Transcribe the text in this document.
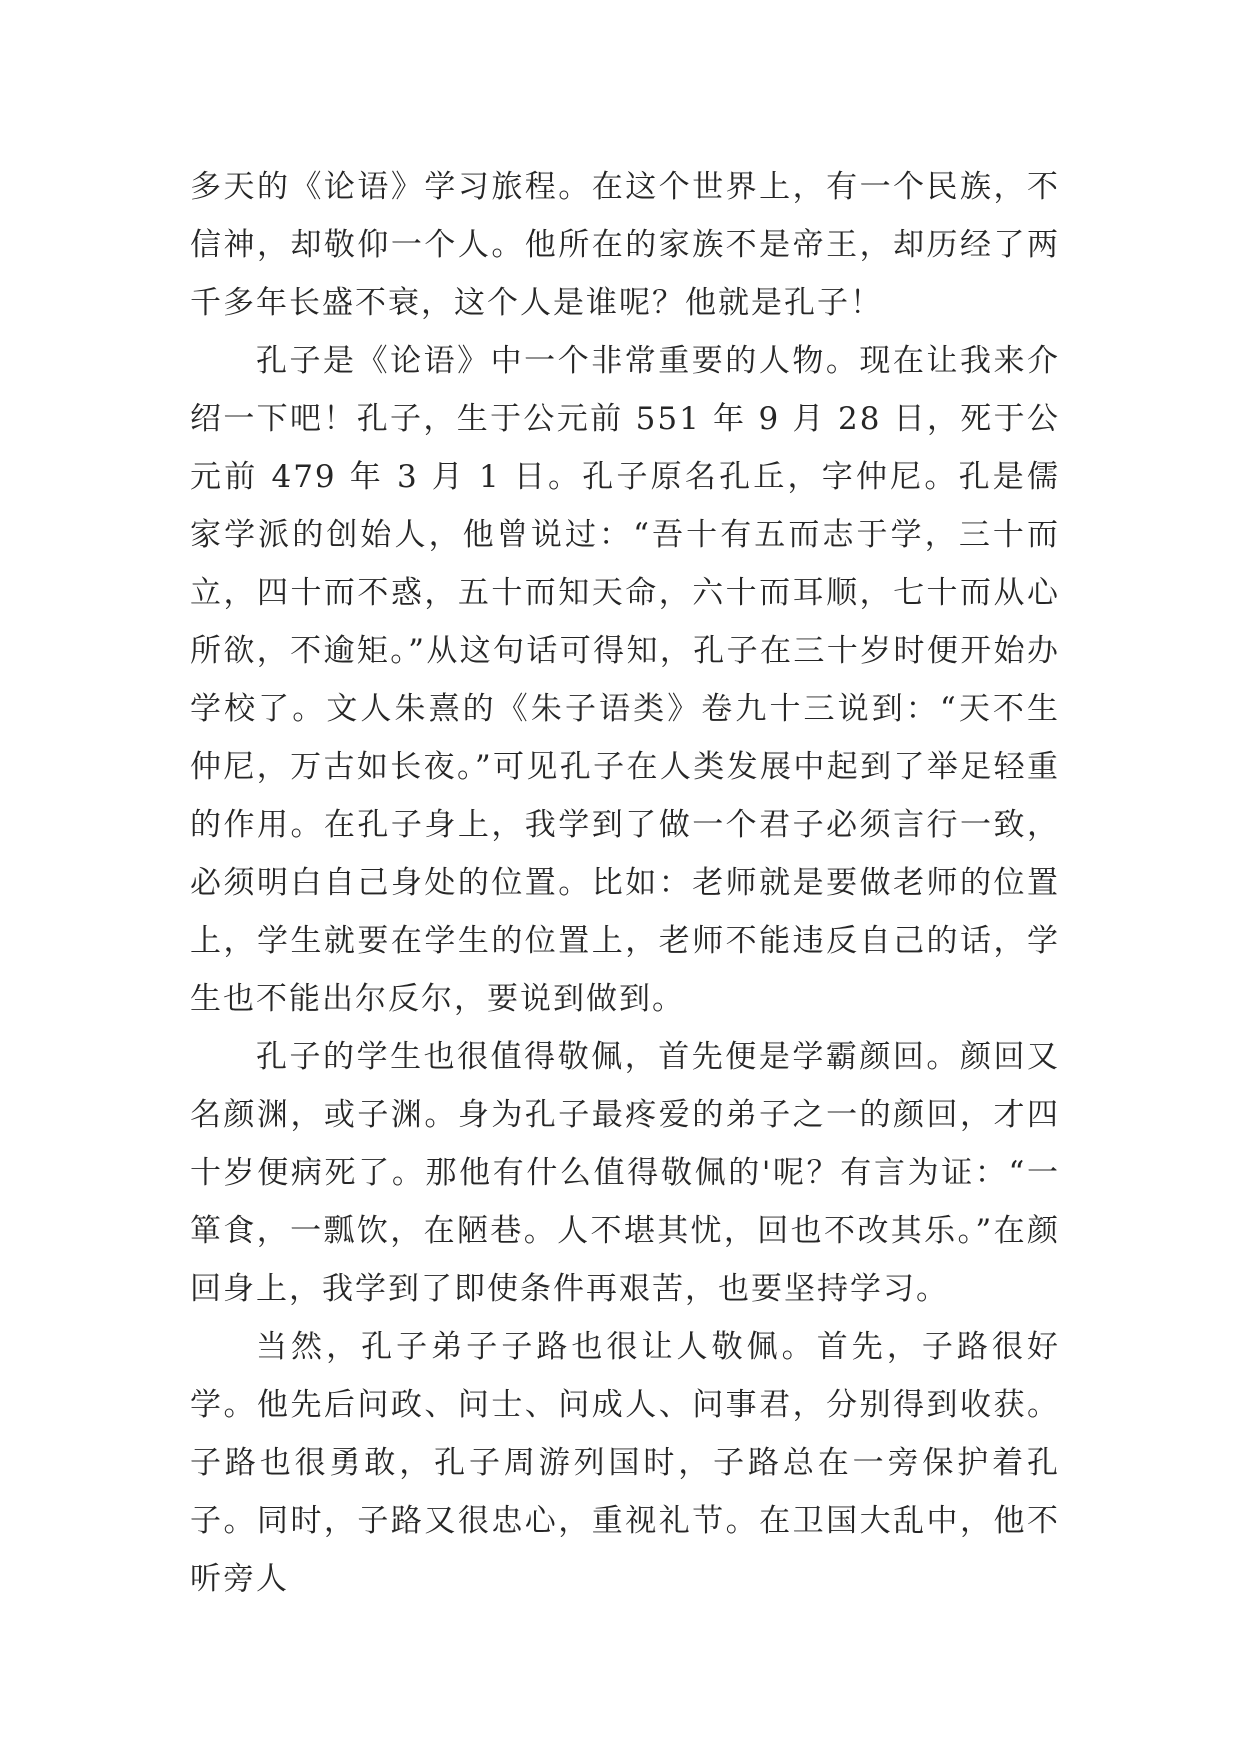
多天的《论语》学习旅程。在这个世界上，有一个民族，不信神，却敬仰一个人。他所在的家族不是帝王，却历经了两千多年长盛不衰，这个人是谁呢？他就是孔子！

孔子是《论语》中一个非常重要的人物。现在让我来介绍一下吧！孔子，生于公元前 551 年 9 月 28 日，死于公元前 479 年 3 月 1 日。孔子原名孔丘，字仲尼。孔是儒家学派的创始人，他曾说过：“吾十有五而志于学，三十而立，四十而不惑，五十而知天命，六十而耳顺，七十而从心所欲，不逾矩。”从这句话可得知，孔子在三十岁时便开始办学校了。文人朱熹的《朱子语类》卷九十三说到：“天不生仲尼，万古如长夜。”可见孔子在人类发展中起到了举足轻重的作用。在孔子身上，我学到了做一个君子必须言行一致，必须明白自己身处的位置。比如：老师就是要做老师的位置上，学生就要在学生的位置上，老师不能违反自己的话，学生也不能出尔反尔，要说到做到。

孔子的学生也很值得敬佩，首先便是学霸颜回。颜回又名颜渊，或子渊。身为孔子最疼爱的弟子之一的颜回，才四十岁便病死了。那他有什么值得敬佩的'呢？有言为证：“一箪食，一瓢饮，在陋巷。人不堪其忧，回也不改其乐。”在颜回身上，我学到了即使条件再艰苦，也要坚持学习。

当然，孔子弟子子路也很让人敬佩。首先，子路很好学。他先后问政、问士、问成人、问事君，分别得到收获。子路也很勇敢，孔子周游列国时，子路总在一旁保护着孔子。同时，子路又很忠心，重视礼节。在卫国大乱中，他不听旁人
